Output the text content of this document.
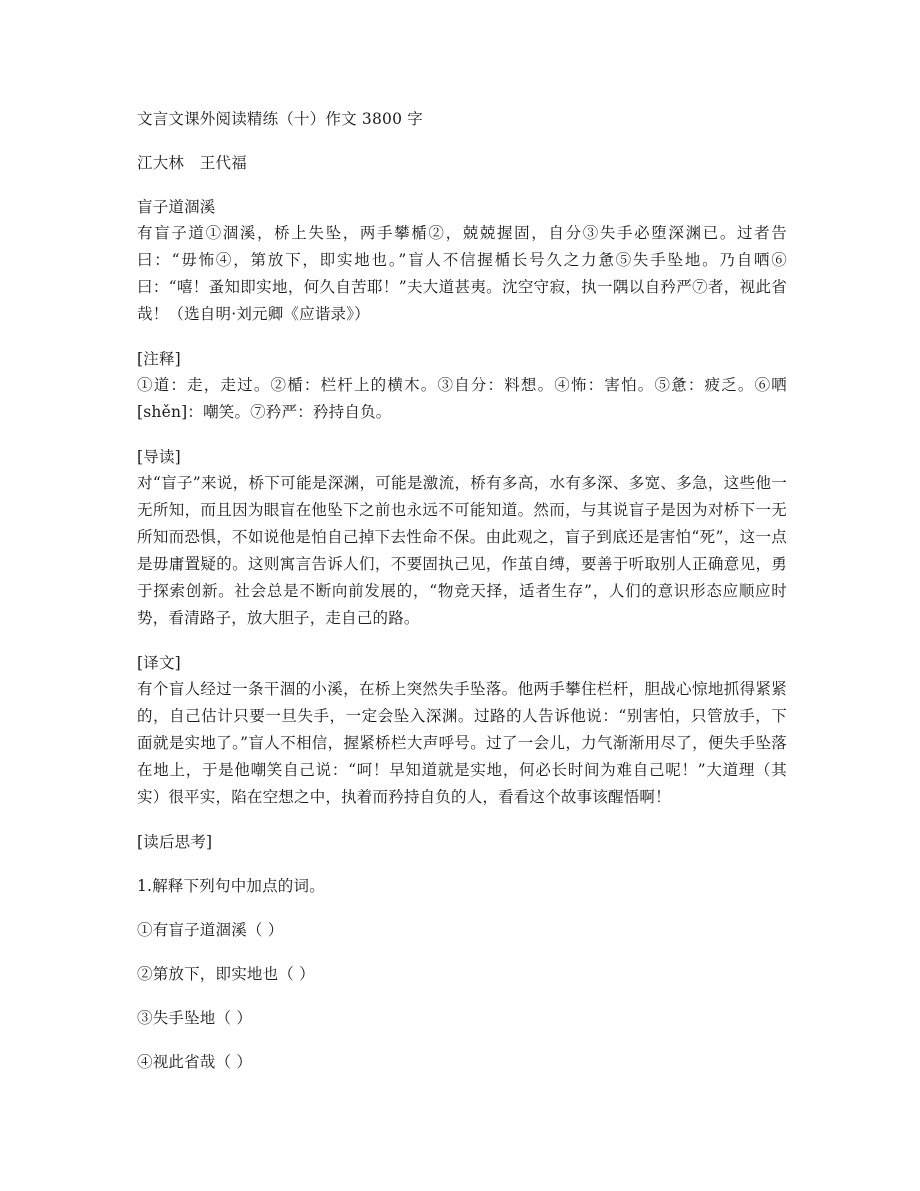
文言文课外阅读精练（十）作文 3800 字

江大林　王代福

盲子道涸溪

有盲子道①涸溪，桥上失坠，两手攀楯②，兢兢握固，自分③失手必堕深渊已。过者告曰：“毋怖④，第放下，即实地也。”盲人不信握楯长号久之力惫⑤失手坠地。乃自哂⑥曰：“嘻！蚤知即实地，何久自苦耶！”夫大道甚夷。沈空守寂，执一隅以自矜严⑦者，视此省哉！（选自明·刘元卿《应谐录》）

[注释]

①道：走，走过。②楯：栏杆上的横木。③自分：料想。④怖：害怕。⑤惫：疲乏。⑥哂[shěn]：嘲笑。⑦矜严：矜持自负。

[导读]

对“盲子”来说，桥下可能是深渊，可能是激流，桥有多高，水有多深、多宽、多急，这些他一无所知，而且因为眼盲在他坠下之前也永远不可能知道。然而，与其说盲子是因为对桥下一无所知而恐惧，不如说他是怕自己掉下去性命不保。由此观之，盲子到底还是害怕“死”，这一点是毋庸置疑的。这则寓言告诉人们，不要固执己见，作茧自缚，要善于听取别人正确意见，勇于探索创新。社会总是不断向前发展的，“物竞天择，适者生存”，人们的意识形态应顺应时势，看清路子，放大胆子，走自己的路。

[译文]

有个盲人经过一条干涸的小溪，在桥上突然失手坠落。他两手攀住栏杆，胆战心惊地抓得紧紧的，自己估计只要一旦失手，一定会坠入深渊。过路的人告诉他说：“别害怕，只管放手，下面就是实地了。”盲人不相信，握紧桥栏大声呼号。过了一会儿，力气渐渐用尽了，便失手坠落在地上，于是他嘲笑自己说：“呵！早知道就是实地，何必长时间为难自己呢！”大道理（其实）很平实，陷在空想之中，执着而矜持自负的人，看看这个故事该醒悟啊！

[读后思考]

1.解释下列句中加点的词。

①有盲子道涸溪（ ）

②第放下，即实地也（ ）

③失手坠地（ ）

④视此省哉（ ）
